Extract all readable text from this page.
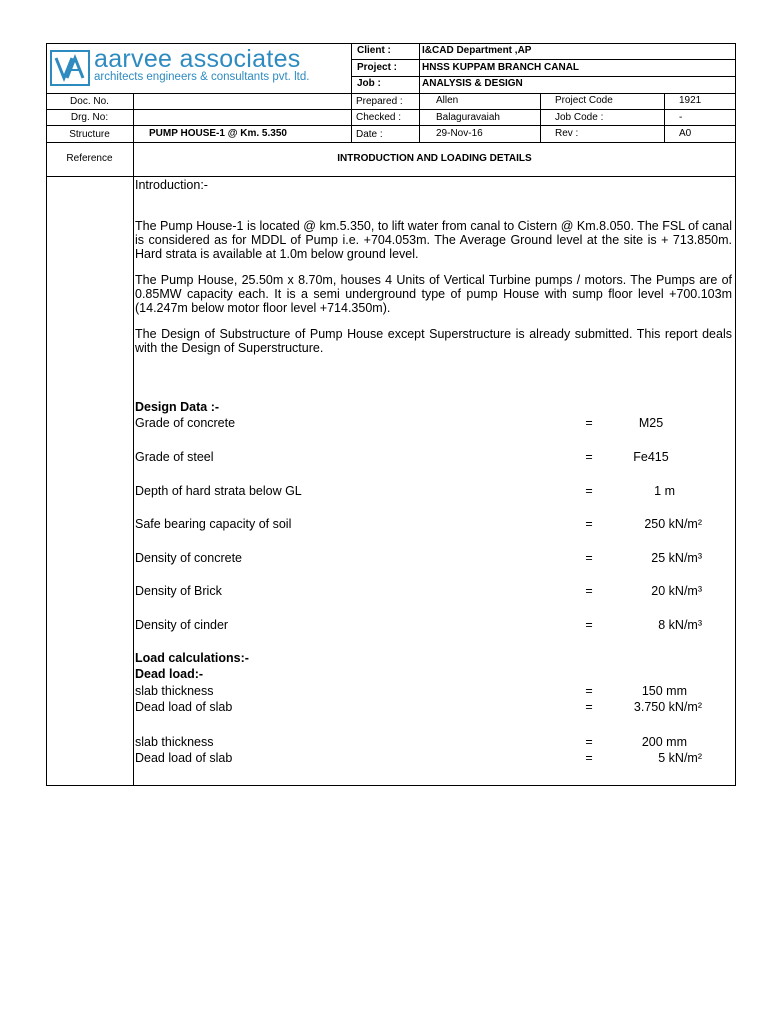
aarvee associates
architects engineers & consultants pvt. ltd.
Client :	I&CAD Department ,AP
Project : HNSS KUPPAM BRANCH CANAL
Job :	ANALYSIS & DESIGN
Doc. No.	Prepared :	Allen	Project Code	1921
Drg. No:	Checked :	Balaguravaiah	Job Code :	-
Structure	PUMP HOUSE-1 @ Km. 5.350	Date :	29-Nov-16	Rev :	A0
Reference	INTRODUCTION AND LOADING DETAILS
Introduction:-
The Pump House-1 is located @ km.5.350, to lift water from canal to Cistern @ Km.8.050. The FSL of canal is considered as for MDDL of Pump i.e. +704.053m. The Average Ground level at the site is + 713.850m. Hard strata is available at 1.0m below ground level.
The Pump House, 25.50m x 8.70m, houses 4 Units of Vertical Turbine pumps / motors. The Pumps are of 0.85MW capacity each. It is a semi underground type of pump House with sump floor level +700.103m (14.247m below motor floor level +714.350m).
The Design of Substructure of Pump House except Superstructure is already submitted. This report deals with the Design of Superstructure.
Design Data :-
Grade of concrete	=	M25
Grade of steel	=	Fe415
Depth of hard strata below GL	=	1 m
Safe bearing capacity of soil	=	250 kN/m²
Density of concrete	=	25 kN/m³
Density of Brick	=	20 kN/m³
Density of cinder	=	8 kN/m³
Load calculations:-
Dead load:-
slab thickness	=	150 mm
Dead load of slab	=	3.750 kN/m²
slab thickness	=	200 mm
Dead load of slab	=	5 kN/m²
